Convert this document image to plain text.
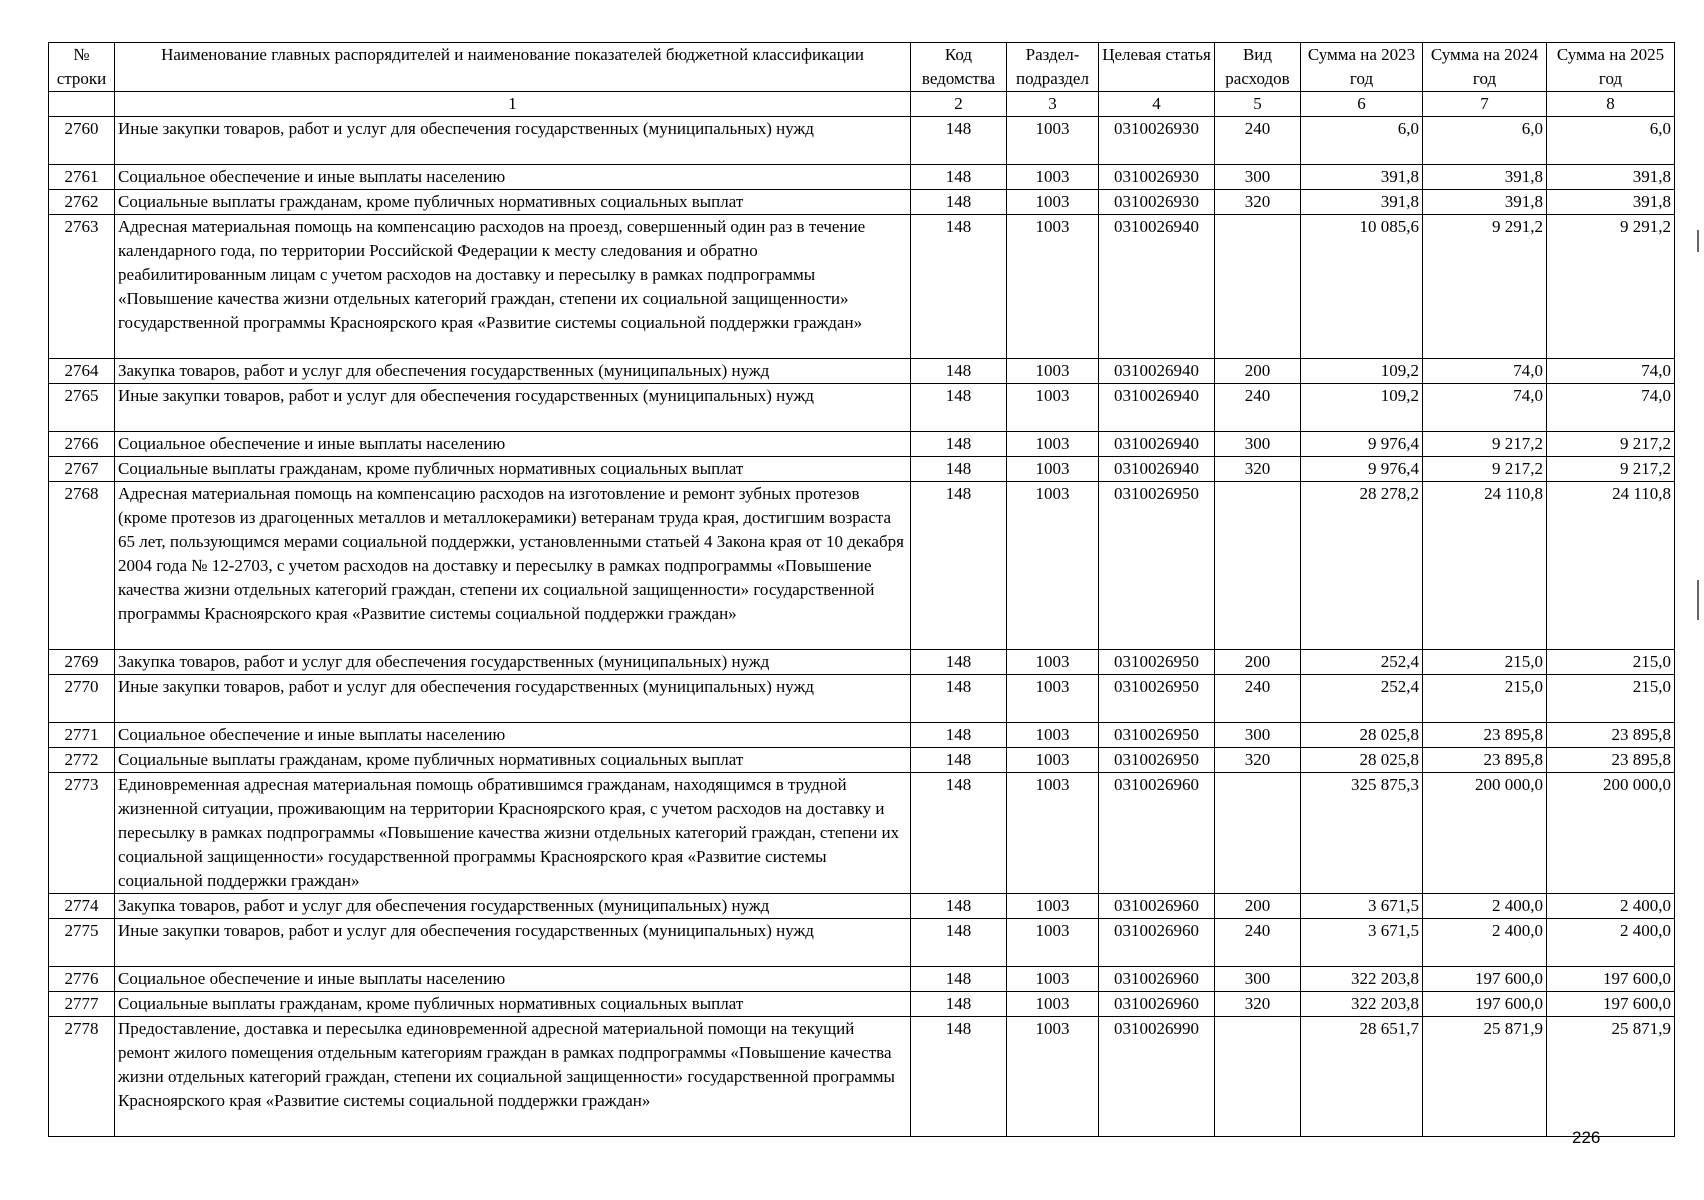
№ строки	Наименование главных распорядителей и наименование показателей бюджетной классификации	Код ведомства	Раздел-подраздел	Целевая статья	Вид расходов	Сумма на 2023 год	Сумма на 2024 год	Сумма на 2025 год
	1	2	3	4	5	6	7	8
2760	Иные закупки товаров, работ и услуг для обеспечения государственных (муниципальных) нужд	148	1003	0310026930	240	6,0	6,0	6,0
2761	Социальное обеспечение и иные выплаты населению	148	1003	0310026930	300	391,8	391,8	391,8
2762	Социальные выплаты гражданам, кроме публичных нормативных социальных выплат	148	1003	0310026930	320	391,8	391,8	391,8
2763	Адресная материальная помощь на компенсацию расходов на проезд, совершенный один раз в течение календарного года, по территории Российской Федерации к месту следования и обратно реабилитированным лицам с учетом расходов на доставку и пересылку в рамках подпрограммы «Повышение качества жизни отдельных категорий граждан, степени их социальной защищенности» государственной программы Красноярского края «Развитие системы социальной поддержки граждан»	148	1003	0310026940		10 085,6	9 291,2	9 291,2
2764	Закупка товаров, работ и услуг для обеспечения государственных (муниципальных) нужд	148	1003	0310026940	200	109,2	74,0	74,0
2765	Иные закупки товаров, работ и услуг для обеспечения государственных (муниципальных) нужд	148	1003	0310026940	240	109,2	74,0	74,0
2766	Социальное обеспечение и иные выплаты населению	148	1003	0310026940	300	9 976,4	9 217,2	9 217,2
2767	Социальные выплаты гражданам, кроме публичных нормативных социальных выплат	148	1003	0310026940	320	9 976,4	9 217,2	9 217,2
2768	Адресная материальная помощь на компенсацию расходов на изготовление и ремонт зубных протезов (кроме протезов из драгоценных металлов и металлокерамики) ветеранам труда края, достигшим возраста 65 лет, пользующимся мерами социальной поддержки, установленными статьей 4 Закона края от 10 декабря 2004 года № 12-2703, с учетом расходов на доставку и пересылку в рамках подпрограммы «Повышение качества жизни отдельных категорий граждан, степени их социальной защищенности» государственной программы Красноярского края «Развитие системы социальной поддержки граждан»	148	1003	0310026950		28 278,2	24 110,8	24 110,8
2769	Закупка товаров, работ и услуг для обеспечения государственных (муниципальных) нужд	148	1003	0310026950	200	252,4	215,0	215,0
2770	Иные закупки товаров, работ и услуг для обеспечения государственных (муниципальных) нужд	148	1003	0310026950	240	252,4	215,0	215,0
2771	Социальное обеспечение и иные выплаты населению	148	1003	0310026950	300	28 025,8	23 895,8	23 895,8
2772	Социальные выплаты гражданам, кроме публичных нормативных социальных выплат	148	1003	0310026950	320	28 025,8	23 895,8	23 895,8
2773	Единовременная адресная материальная помощь обратившимся гражданам, находящимся в трудной жизненной ситуации, проживающим на территории Красноярского края, с учетом расходов на доставку и пересылку в рамках подпрограммы «Повышение качества жизни отдельных категорий граждан, степени их социальной защищенности» государственной программы Красноярского края «Развитие системы социальной поддержки граждан»	148	1003	0310026960		325 875,3	200 000,0	200 000,0
2774	Закупка товаров, работ и услуг для обеспечения государственных (муниципальных) нужд	148	1003	0310026960	200	3 671,5	2 400,0	2 400,0
2775	Иные закупки товаров, работ и услуг для обеспечения государственных (муниципальных) нужд	148	1003	0310026960	240	3 671,5	2 400,0	2 400,0
2776	Социальное обеспечение и иные выплаты населению	148	1003	0310026960	300	322 203,8	197 600,0	197 600,0
2777	Социальные выплаты гражданам, кроме публичных нормативных социальных выплат	148	1003	0310026960	320	322 203,8	197 600,0	197 600,0
2778	Предоставление, доставка и пересылка единовременной адресной материальной помощи на текущий ремонт жилого помещения отдельным категориям граждан в рамках подпрограммы «Повышение качества жизни отдельных категорий граждан, степени их социальной защищенности» государственной программы Красноярского края «Развитие системы социальной поддержки граждан»	148	1003	0310026990		28 651,7	25 871,9	25 871,9
226
